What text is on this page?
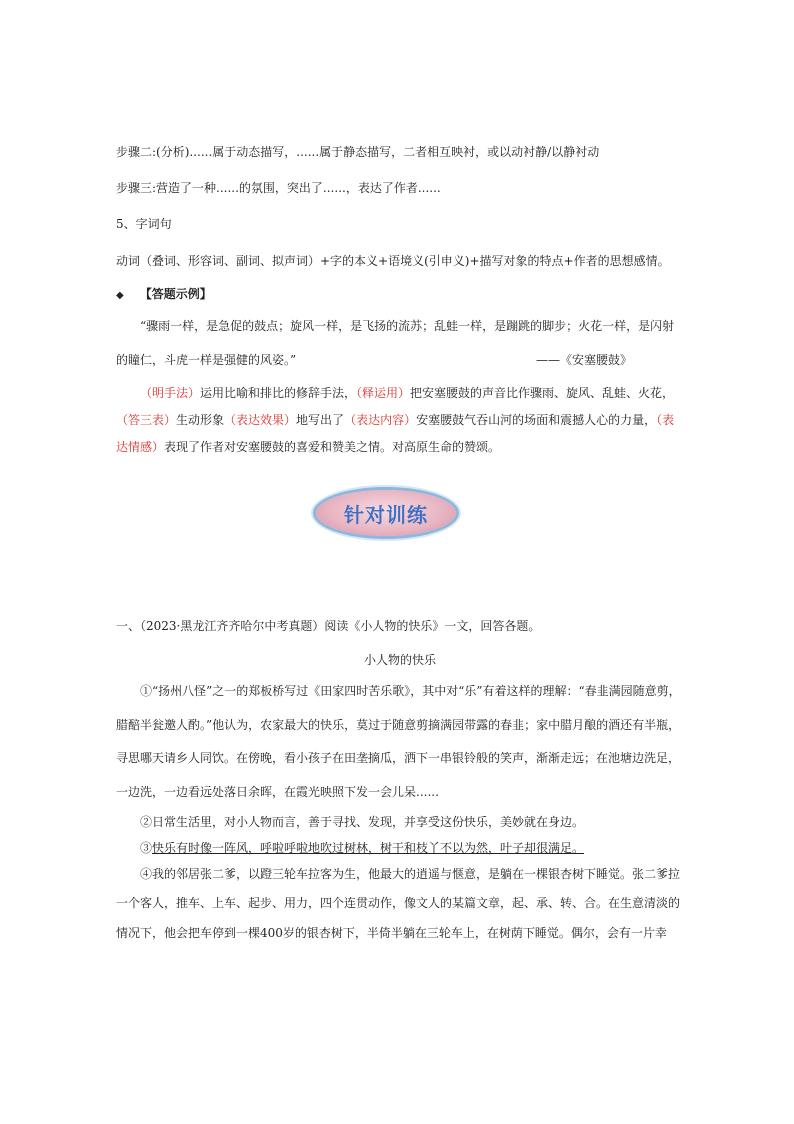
步骤二:(分析)......属于动态描写，......属于静态描写，二者相互映衬，或以动衬静/以静衬动
步骤三:营造了一种......的氛围，突出了......，表达了作者......
5、字词句
动词（叠词、形容词、副词、拟声词）+字的本义+语境义(引申义)+描写对象的特点+作者的思想感情。
◆ 【答题示例】
“骤雨一样，是急促的鼓点；旋风一样，是飞扬的流苏；乱蛙一样，是蹦跳的脚步；火花一样，是闪射
的瞳仁，斗虎一样是强健的风姿。”	——《安塞腰鼓》
（明手法）运用比喻和排比的修辞手法，（释运用）把安塞腰鼓的声音比作骤雨、旋风、乱蛙、火花，
（答三表）生动形象（表达效果）地写出了（表达内容）安塞腰鼓气吞山河的场面和震撼人心的力量，（表
达情感）表现了作者对安塞腰鼓的喜爱和赞美之情。对高原生命的赞颂。
针对训练
一、（2023·黑龙江齐齐哈尔中考真题）阅读《小人物的快乐》一文，回答各题。
小人物的快乐
①“扬州八怪”之一的郑板桥写过《田家四时苦乐歌》，其中对“乐”有着这样的理解：“春韭满园随意剪，
腊醅半瓮邀人酌。”他认为，农家最大的快乐，莫过于随意剪摘满园带露的春韭；家中腊月酿的酒还有半瓶，
寻思哪天请乡人同饮。在傍晚，看小孩子在田垄摘瓜，洒下一串银铃般的笑声，渐渐走远；在池塘边洗足，
一边洗，一边看远处落日余晖，在霞光映照下发一会儿呆......
②日常生活里，对小人物而言，善于寻找、发现，并享受这份快乐，美妙就在身边。
③快乐有时像一阵风，呼啦呼啦地吹过树林，树干和枝丫不以为然，叶子却很满足。
④我的邻居张二爹，以蹬三轮车拉客为生，他最大的逍遥与惬意，是躺在一棵银杏树下睡觉。张二爹拉
一个客人，推车、上车、起步、用力，四个连贯动作，像文人的某篇文章，起、承、转、合。在生意清淡的
情况下，他会把车停到一棵400岁的银杏树下，半倚半躺在三轮车上，在树荫下睡觉。偶尔，会有一片幸
